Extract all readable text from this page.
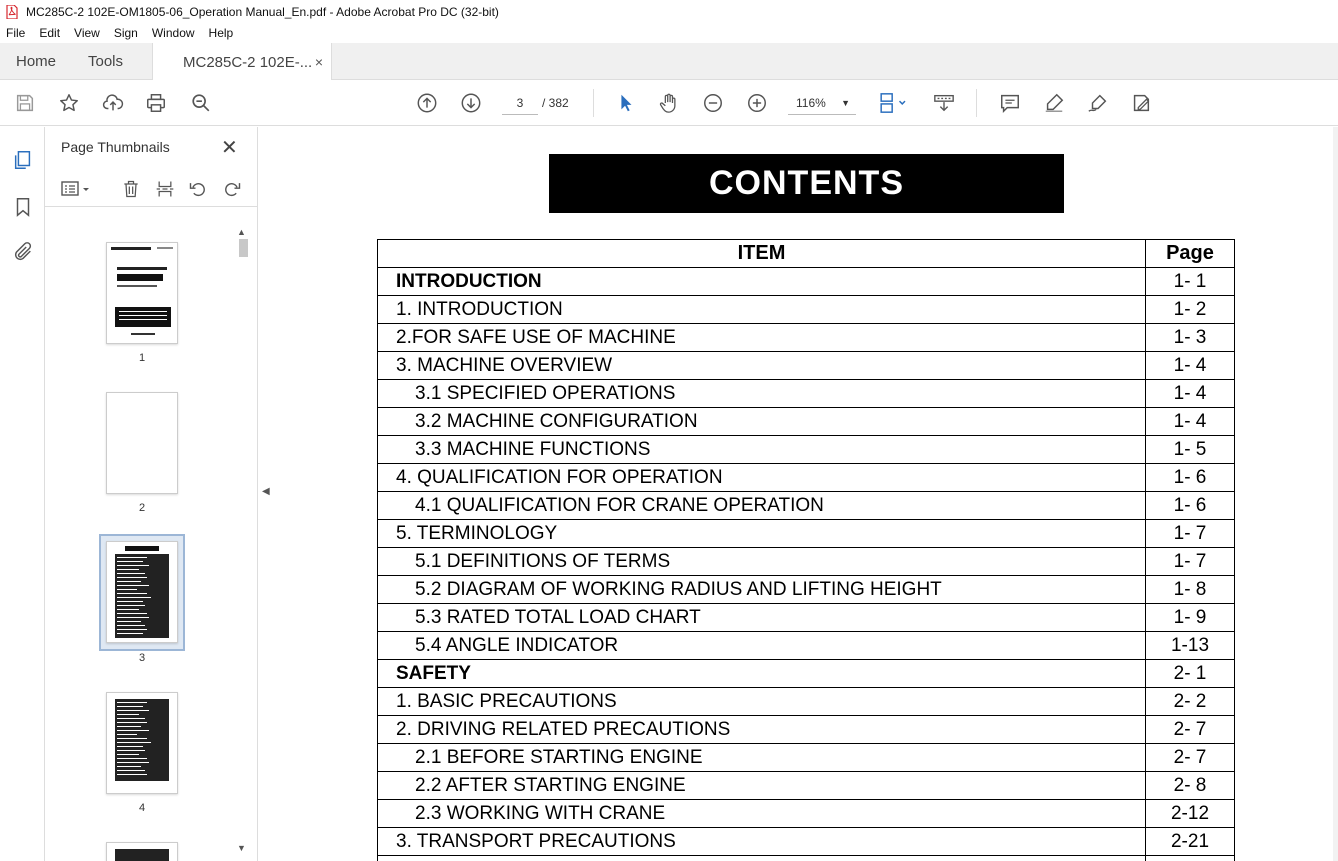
MC285C-2 102E-OM1805-06_Operation Manual_En.pdf - Adobe Acrobat Pro DC (32-bit)
File Edit View Sign Window Help
Home Tools	MC285C-2 102E-... ×
3	/ 382	116% ▼
Page Thumbnails	✕
▲
▼
1
2
3
4
◀
CONTENTS
ITEM	Page
INTRODUCTION	1- 1
1. INTRODUCTION	1- 2
2.FOR SAFE USE OF MACHINE	1- 3
3. MACHINE OVERVIEW	1- 4
3.1 SPECIFIED OPERATIONS	1- 4
3.2 MACHINE CONFIGURATION	1- 4
3.3 MACHINE FUNCTIONS	1- 5
4. QUALIFICATION FOR OPERATION	1- 6
4.1 QUALIFICATION FOR CRANE OPERATION	1- 6
5. TERMINOLOGY	1- 7
5.1 DEFINITIONS OF TERMS	1- 7
5.2 DIAGRAM OF WORKING RADIUS AND LIFTING HEIGHT	1- 8
5.3 RATED TOTAL LOAD CHART	1- 9
5.4 ANGLE INDICATOR	1-13
SAFETY	2- 1
1. BASIC PRECAUTIONS	2- 2
2. DRIVING RELATED PRECAUTIONS	2- 7
2.1 BEFORE STARTING ENGINE	2- 7
2.2 AFTER STARTING ENGINE	2- 8
2.3 WORKING WITH CRANE	2-12
3. TRANSPORT PRECAUTIONS	2-21
